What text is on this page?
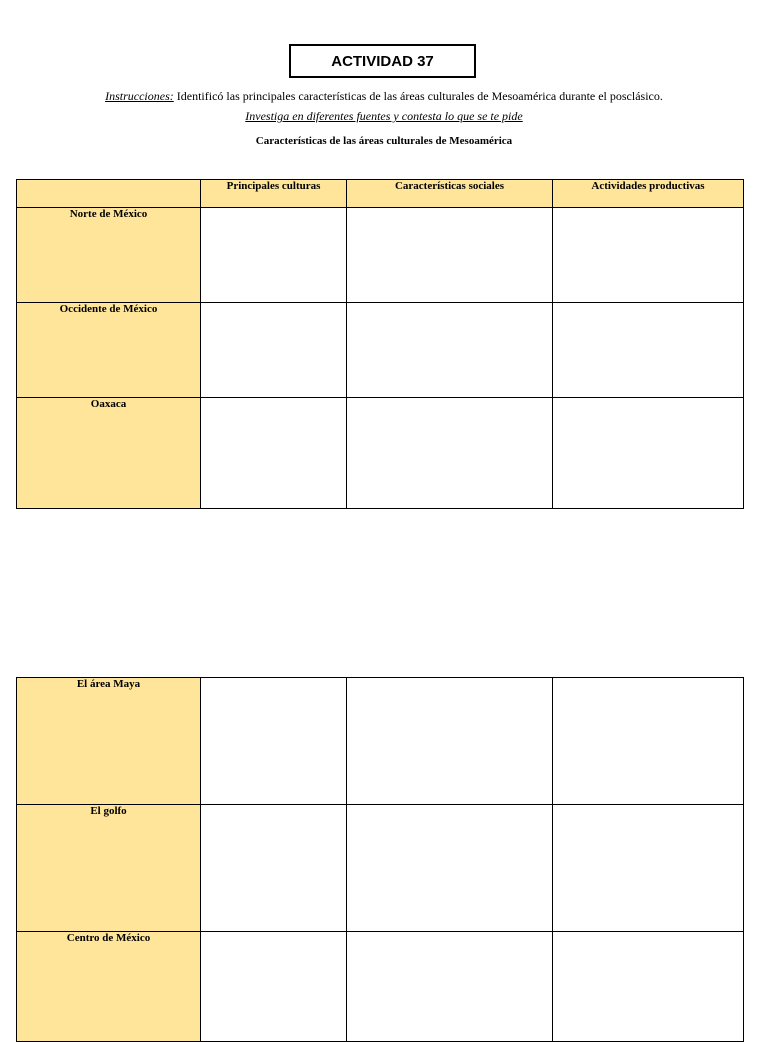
ACTIVIDAD 37
Instrucciones: Identificó las principales características de las áreas culturales de Mesoamérica durante el posclásico.
Investiga en diferentes fuentes y contesta lo que se te pide
Características de las áreas culturales de Mesoamérica
	Principales culturas	Características sociales	Actividades productivas
Norte de México			
Occidente de México			
Oaxaca			
El área Maya			
El golfo			
Centro de México			
